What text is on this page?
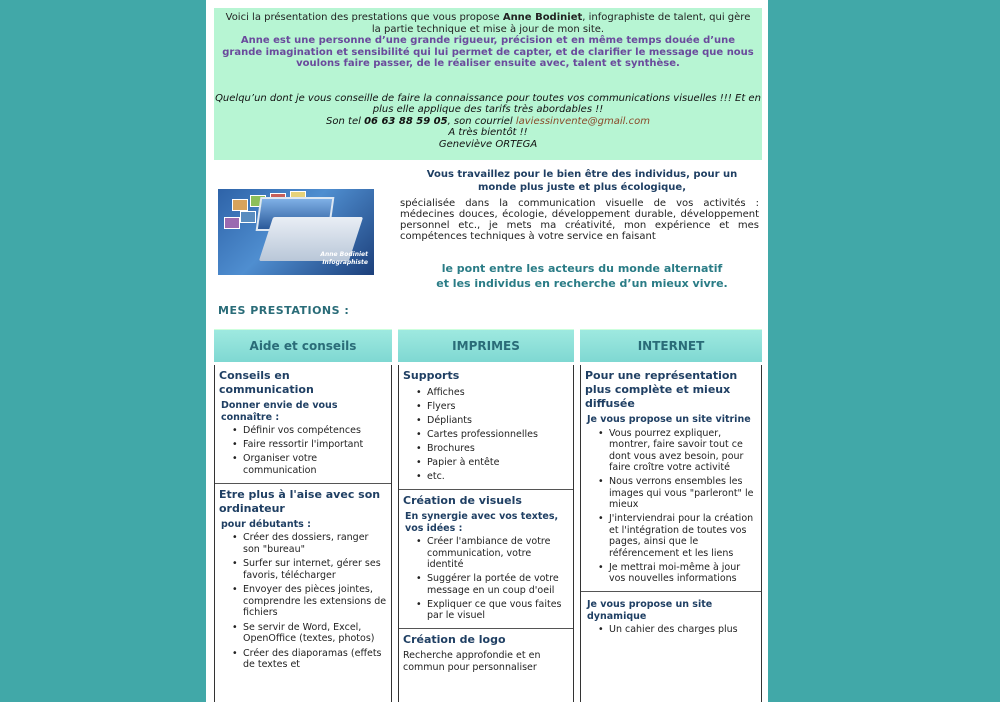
Voici la présentation des prestations que vous propose Anne Bodiniet, infographiste de talent, qui gère la partie technique et mise à jour de mon site.
Anne est une personne d’une grande rigueur, précision et en même temps douée d’une grande imagination et sensibilité qui lui permet de capter, et de clarifier le message que nous voulons faire passer, de le réaliser ensuite avec, talent et synthèse.
Quelqu’un dont je vous conseille de faire la connaissance pour toutes vos communications visuelles !!! Et en plus elle applique des tarifs très abordables !!
Son tel 06 63 88 59 05, son courriel laviessinvente@gmail.com
A très bientôt !!
Geneviève ORTEGA
Anne Bodiniet
Infographiste
Vous travaillez pour le bien être des individus, pour un monde plus juste et plus écologique,
spécialisée dans la communication visuelle de vos activités : médecines douces, écologie, développement durable, développement personnel etc., je mets ma créativité, mon expérience et mes compétences techniques à votre service en faisant
le pont entre les acteurs du monde alternatif
et les individus en recherche d’un mieux vivre.
MES PRESTATIONS :
Aide et conseils	IMPRIMES	INTERNET
Conseils en communication
Donner envie de vous connaître :
• Définir vos compétences
• Faire ressortir l'important
• Organiser votre communication
Etre plus à l'aise avec son ordinateur
pour débutants :
• Créer des dossiers, ranger son "bureau"
• Surfer sur internet, gérer ses favoris, télécharger
• Envoyer des pièces jointes, comprendre les extensions de fichiers
• Se servir de Word, Excel, OpenOffice (textes, photos)
• Créer des diaporamas (effets de textes et
Supports
• Affiches
• Flyers
• Dépliants
• Cartes professionnelles
• Brochures
• Papier à entête
• etc.
Création de visuels
En synergie avec vos textes, vos idées :
• Créer l'ambiance de votre communication, votre identité
• Suggérer la portée de votre message en un coup d'oeil
• Expliquer ce que vous faites par le visuel
Création de logo

Recherche approfondie et en commun pour personnaliser

Pour une représentation plus complète et mieux diffusée
Je vous propose un site vitrine
• Vous pourrez expliquer, montrer, faire savoir tout ce dont vous avez besoin, pour faire croître votre activité
• Nous verrons ensembles les images qui vous "parleront" le mieux
• J'interviendrai pour la création et l'intégration de toutes vos pages, ainsi que le référencement et les liens
• Je mettrai moi-même à jour vos nouvelles informations
Je vous propose un site dynamique
• Un cahier des charges plus
